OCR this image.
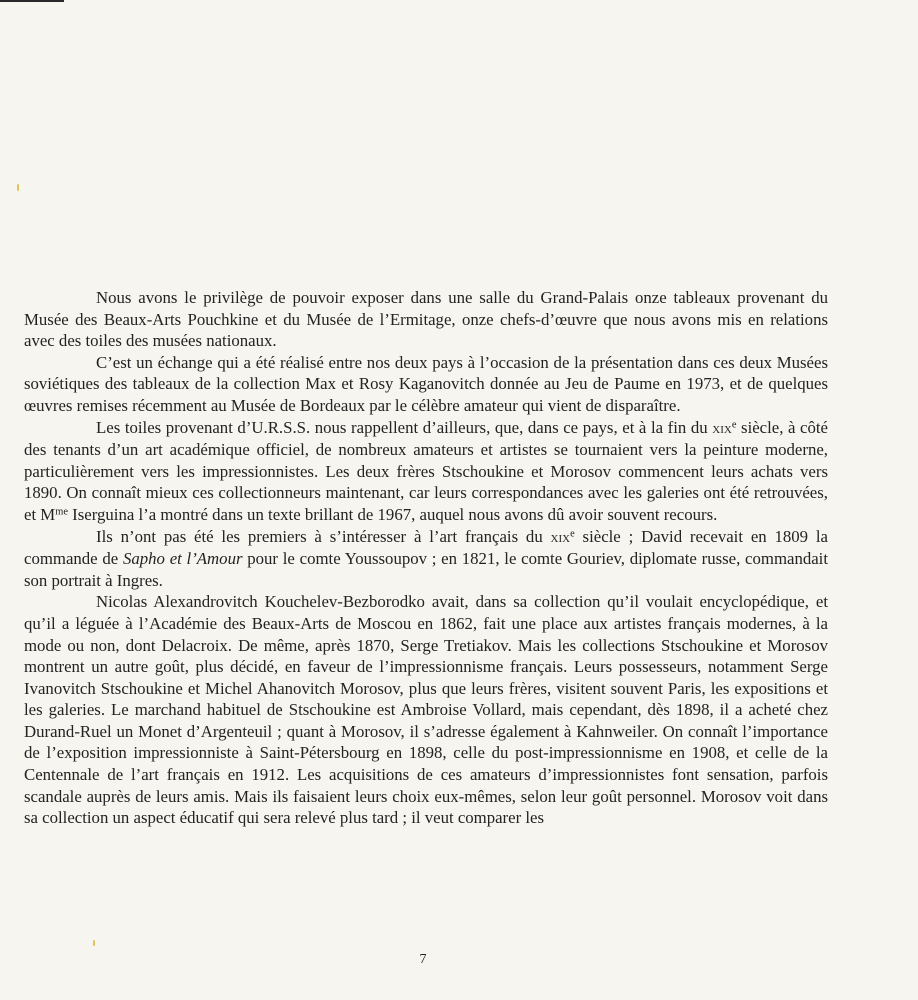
Nous avons le privilège de pouvoir exposer dans une salle du Grand-Palais onze tableaux provenant du Musée des Beaux-Arts Pouchkine et du Musée de l’Ermitage, onze chefs-d’œuvre que nous avons mis en relations avec des toiles des musées nationaux.

C’est un échange qui a été réalisé entre nos deux pays à l’occasion de la présentation dans ces deux Musées soviétiques des tableaux de la collection Max et Rosy Kaganovitch donnée au Jeu de Paume en 1973, et de quelques œuvres remises récemment au Musée de Bordeaux par le célèbre amateur qui vient de disparaître.

Les toiles provenant d’U.R.S.S. nous rappellent d’ailleurs, que, dans ce pays, et à la fin du xix$^e$ siècle, à côté des tenants d’un art académique officiel, de nombreux amateurs et artistes se tournaient vers la peinture moderne, particulièrement vers les impressionnistes. Les deux frères Stschoukine et Morosov commencent leurs achats vers 1890. On connaît mieux ces collectionneurs maintenant, car leurs correspondances avec les galeries ont été retrouvées, et $M^{me}$ Iserguina l’a montré dans un texte brillant de 1967, auquel nous avons dû avoir souvent recours.

Ils n’ont pas été les premiers à s’intéresser à l’art français du xix$^e$ siècle ; David recevait en 1809 la commande de Sapho et l’Amour pour le comte Youssoupov ; en 1821, le comte Gouriev, diplomate russe, commandait son portrait à Ingres.

Nicolas Alexandrovitch Kouchelev-Bezborodko avait, dans sa collection qu’il voulait encyclopédique, et qu’il a léguée à l’Académie des Beaux-Arts de Moscou en 1862, fait une place aux artistes français modernes, à la mode ou non, dont Delacroix. De même, après 1870, Serge Tretiakov. Mais les collections Stschoukine et Morosov montrent un autre goût, plus décidé, en faveur de l’impressionnisme français. Leurs possesseurs, notamment Serge Ivanovitch Stschoukine et Michel Ahanovitch Morosov, plus que leurs frères, visitent souvent Paris, les expositions et les galeries. Le marchand habituel de Stschoukine est Ambroise Vollard, mais cependant, dès 1898, il a acheté chez Durand-Ruel un Monet d’Argenteuil ; quant à Morosov, il s’adresse également à Kahnweiler. On connaît l’importance de l’exposition impressionniste à Saint-Pétersbourg en 1898, celle du post-impressionnisme en 1908, et celle de la Centennale de l’art français en 1912. Les acquisitions de ces amateurs d’impressionnistes font sensation, parfois scandale auprès de leurs amis. Mais ils faisaient leurs choix eux-mêmes, selon leur goût personnel. Morosov voit dans sa collection un aspect éducatif qui sera relevé plus tard ; il veut comparer les

7
